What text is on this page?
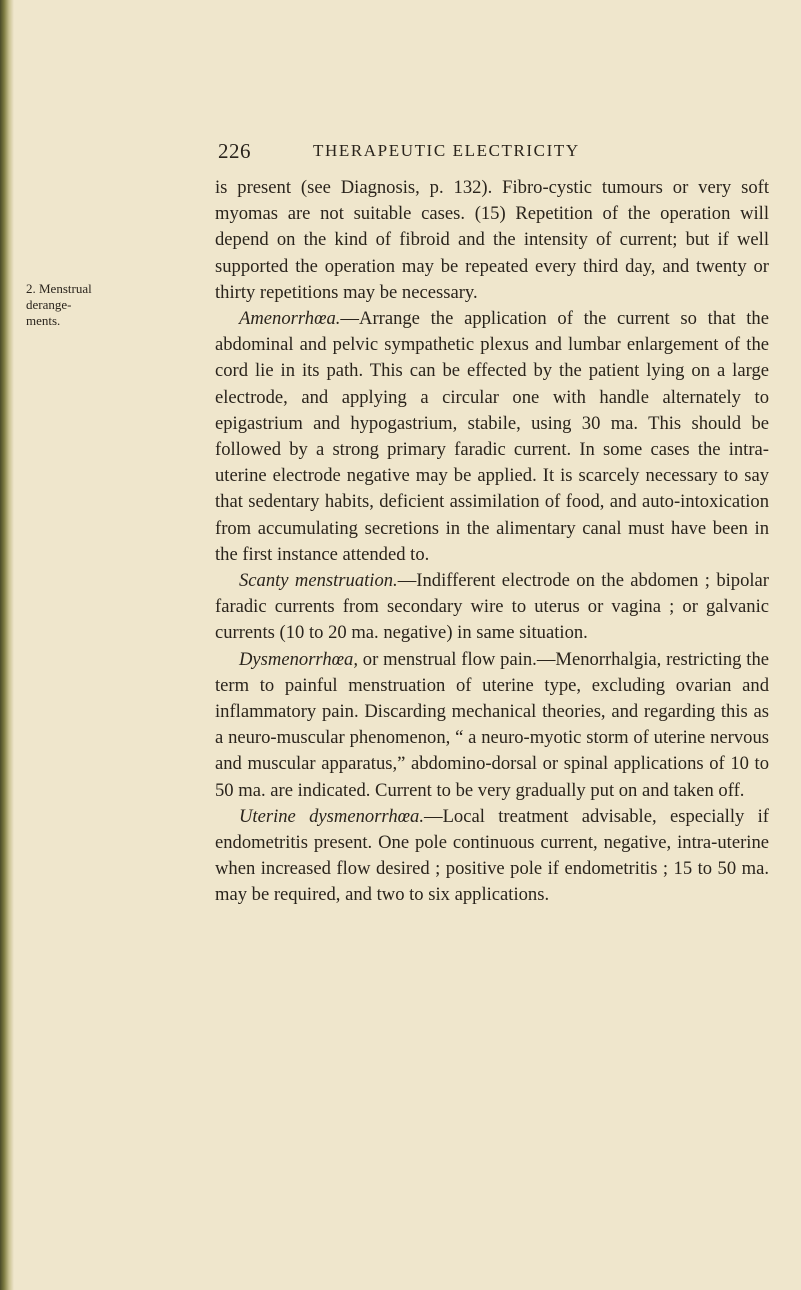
226	THERAPEUTIC ELECTRICITY
2. Menstrual
derange-
ments.

is present (see Diagnosis, p. 132). Fibro-cystic tumours or very soft myomas are not suitable cases. (15) Repetition of the operation will depend on the kind of fibroid and the intensity of current; but if well supported the operation may be repeated every third day, and twenty or thirty repetitions may be necessary.

Amenorrhœa.—Arrange the application of the current so that the abdominal and pelvic sympathetic plexus and lumbar enlargement of the cord lie in its path. This can be effected by the patient lying on a large electrode, and applying a circular one with handle alternately to epigastrium and hypogastrium, stabile, using 30 ma. This should be followed by a strong primary faradic current. In some cases the intra-uterine electrode negative may be applied. It is scarcely necessary to say that sedentary habits, deficient assimilation of food, and auto-intoxication from accumulating secretions in the alimentary canal must have been in the first instance attended to.

Scanty menstruation.—Indifferent electrode on the abdomen ; bipolar faradic currents from secondary wire to uterus or vagina ; or galvanic currents (10 to 20 ma. negative) in same situation.

Dysmenorrhœa, or menstrual flow pain.—Menorrhalgia, restricting the term to painful menstruation of uterine type, excluding ovarian and inflammatory pain. Discarding mechanical theories, and regarding this as a neuro-muscular phenomenon, “ a neuro-myotic storm of uterine nervous and muscular apparatus,” abdomino-dorsal or spinal applications of 10 to 50 ma. are indicated. Current to be very gradually put on and taken off.

Uterine dysmenorrhœa.—Local treatment advisable, especially if endometritis present. One pole continuous current, negative, intra-uterine when increased flow desired ; positive pole if endometritis ; 15 to 50 ma. may be required, and two to six applications.
